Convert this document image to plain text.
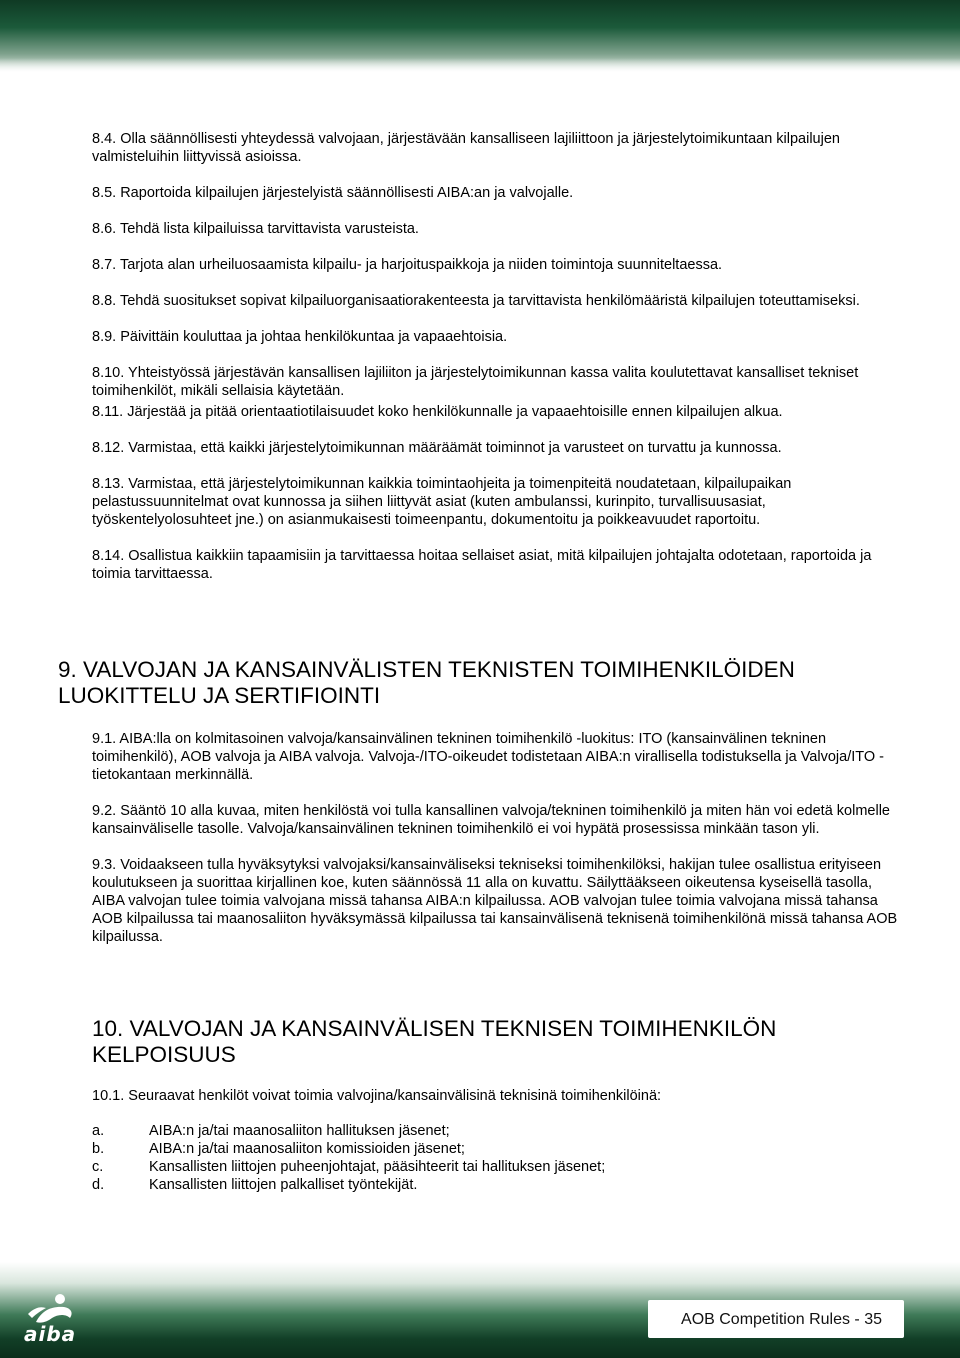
8.4. Olla säännöllisesti yhteydessä valvojaan, järjestävään kansalliseen lajiliittoon ja järjestelytoimikuntaan kilpailujen valmisteluihin liittyvissä asioissa.

8.5. Raportoida kilpailujen järjestelyistä säännöllisesti AIBA:an ja valvojalle.

8.6. Tehdä lista kilpailuissa tarvittavista varusteista.

8.7. Tarjota alan urheiluosaamista kilpailu- ja harjoituspaikkoja ja niiden toimintoja suunniteltaessa.

8.8. Tehdä suositukset sopivat kilpailuorganisaatiorakenteesta ja tarvittavista henkilömääristä kilpailujen toteuttamiseksi.

8.9. Päivittäin kouluttaa ja johtaa henkilökuntaa ja vapaaehtoisia.

8.10. Yhteistyössä järjestävän kansallisen lajiliiton ja järjestelytoimikunnan kassa valita koulutettavat kansalliset tekniset toimihenkilöt, mikäli sellaisia käytetään.

8.11. Järjestää ja pitää orientaatiotilaisuudet koko henkilökunnalle ja vapaaehtoisille ennen kilpailujen alkua.

8.12. Varmistaa, että kaikki järjestelytoimikunnan määräämät toiminnot ja varusteet on turvattu ja kunnossa.

8.13. Varmistaa, että järjestelytoimikunnan kaikkia toimintaohjeita ja toimenpiteitä noudatetaan, kilpailupaikan pelastussuunnitelmat ovat kunnossa ja siihen liittyvät asiat (kuten ambulanssi, kurinpito, turvallisuusasiat, työskentelyolosuhteet jne.) on asianmukaisesti toimeenpantu, dokumentoitu ja poikkeavuudet raportoitu.

8.14. Osallistua kaikkiin tapaamisiin ja tarvittaessa hoitaa sellaiset asiat, mitä kilpailujen johtajalta odotetaan, raportoida ja toimia tarvittaessa.

9. VALVOJAN JA KANSAINVÄLISTEN TEKNISTEN TOIMIHENKILÖIDEN LUOKITTELU JA SERTIFIOINTI

9.1. AIBA:lla on kolmitasoinen valvoja/kansainvälinen tekninen toimihenkilö -luokitus: ITO (kansainvälinen tekninen toimihenkilö), AOB valvoja ja AIBA valvoja. Valvoja-/ITO-oikeudet todistetaan AIBA:n virallisella todistuksella ja Valvoja/ITO -tietokantaan merkinnällä.

9.2. Sääntö 10 alla kuvaa, miten henkilöstä voi tulla kansallinen valvoja/tekninen toimihenkilö ja miten hän voi edetä kolmelle kansainväliselle tasolle. Valvoja/kansainvälinen tekninen toimihenkilö ei voi hypätä prosessissa minkään tason yli.

9.3. Voidaakseen tulla hyväksytyksi valvojaksi/kansainväliseksi tekniseksi toimihenkilöksi, hakijan tulee osallistua erityiseen koulutukseen ja suorittaa kirjallinen koe, kuten säännössä 11 alla on kuvattu. Säilyttääkseen oikeutensa kyseisellä tasolla, AIBA valvojan tulee toimia valvojana missä tahansa AIBA:n kilpailussa. AOB valvojan tulee toimia valvojana missä tahansa AOB kilpailussa tai maanosaliiton hyväksymässä kilpailussa tai kansainvälisenä teknisenä toimihenkilönä missä tahansa AOB kilpailussa.

10. VALVOJAN JA KANSAINVÄLISEN TEKNISEN TOIMIHENKILÖN KELPOISUUS

10.1. Seuraavat henkilöt voivat toimia valvojina/kansainvälisinä teknisinä toimihenkilöinä:

a.	AIBA:n ja/tai maanosaliiton hallituksen jäsenet;
b.	AIBA:n ja/tai maanosaliiton komissioiden jäsenet;
c.	Kansallisten liittojen puheenjohtajat, pääsihteerit tai hallituksen jäsenet;
d.	Kansallisten liittojen palkalliset työntekijät.
aiba
AOB Competition Rules - 35
